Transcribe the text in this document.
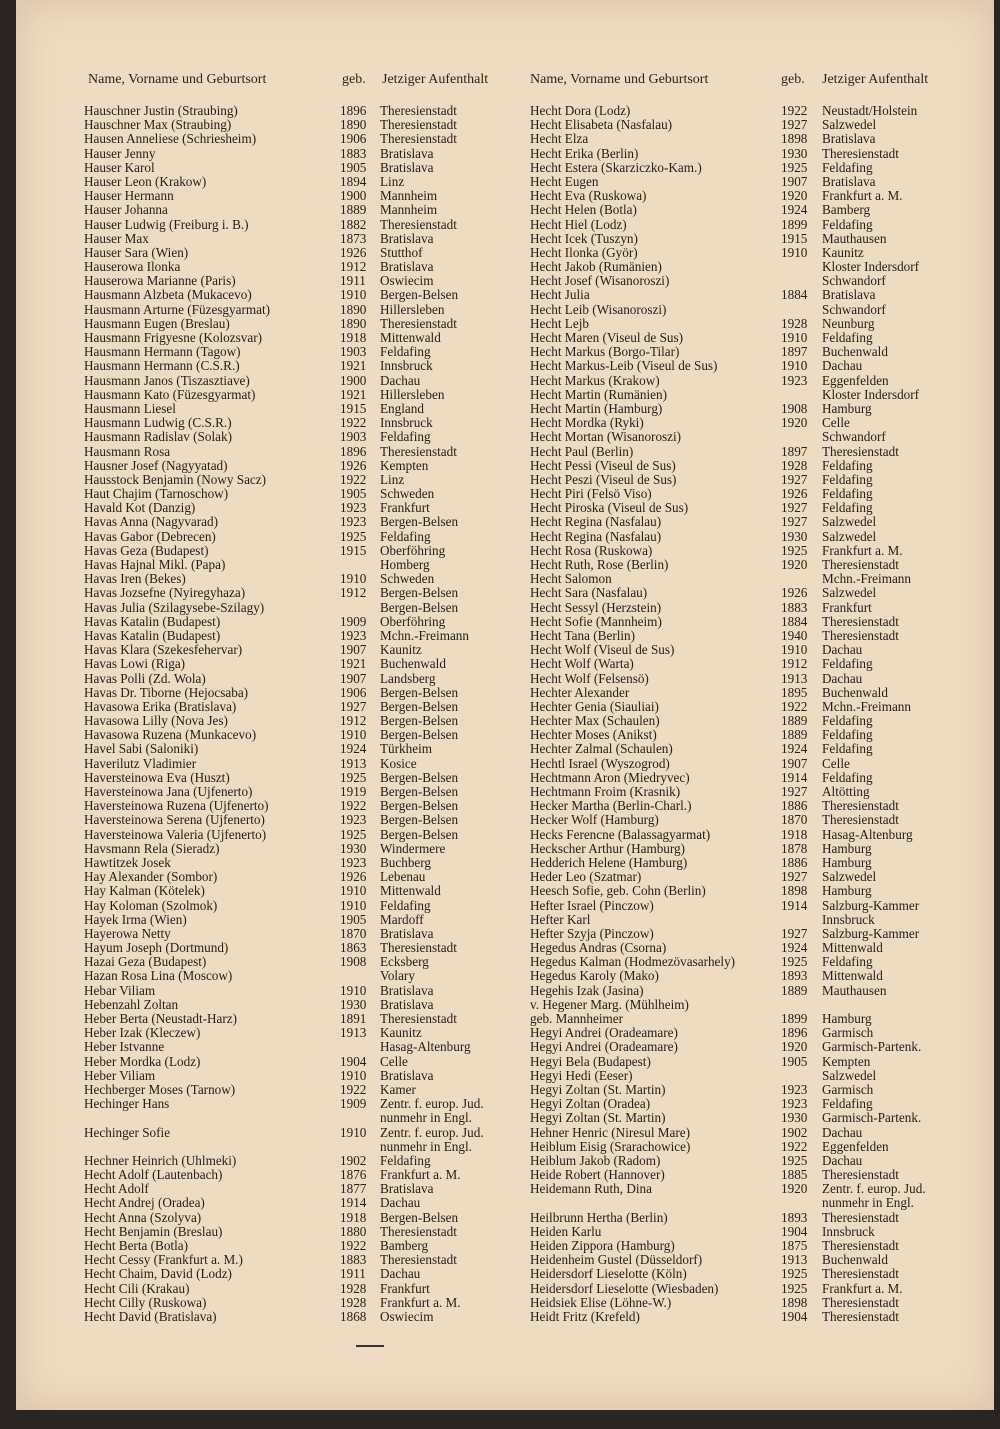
Name, Vorname und Geburtsort	geb. Jetziger Aufenthalt	Name, Vorname und Geburtsort	geb. Jetziger Aufenthalt
Hauschner Justin (Straubing)	1896 Theresienstadt
Hauschner Max (Straubing)	1890 Theresienstadt
Hausen Anneliese (Schriesheim)	1906 Theresienstadt
Hauser Jenny	1883 Bratislava
Hauser Karol	1905 Bratislava
Hauser Leon (Krakow)	1894 Linz
Hauser Hermann	1900 Mannheim
Hauser Johanna	1889 Mannheim
Hauser Ludwig (Freiburg i. B.)	1882 Theresienstadt
Hauser Max	1873 Bratislava
Hauser Sara (Wien)	1926 Stutthof
Hauserowa Ilonka	1912 Bratislava
Hauserowa Marianne (Paris)	1911 Oswiecim
Hausmann Alzbeta (Mukacevo)	1910 Bergen-Belsen
Hausmann Arturne (Füzesgyarmat)	1890 Hillersleben
Hausmann Eugen (Breslau)	1890 Theresienstadt
Hausmann Frigyesne (Kolozsvar)	1918 Mittenwald
Hausmann Hermann (Tagow)	1903 Feldafing
Hausmann Hermann (C.S.R.)	1921 Innsbruck
Hausmann Janos (Tiszasztiave)	1900 Dachau
Hausmann Kato (Füzesgyarmat)	1921 Hillersleben
Hausmann Liesel	1915 England
Hausmann Ludwig (C.S.R.)	1922 Innsbruck
Hausmann Radislav (Solak)	1903 Feldafing
Hausmann Rosa	1896 Theresienstadt
Hausner Josef (Nagyyatad)	1926 Kempten
Hausstock Benjamin (Nowy Sacz)	1922 Linz
Haut Chajim (Tarnoschow)	1905 Schweden
Havald Kot (Danzig)	1923 Frankfurt
Havas Anna (Nagyvarad)	1923 Bergen-Belsen
Havas Gabor (Debrecen)	1925 Feldafing
Havas Geza (Budapest)	1915 Oberföhring
Havas Hajnal Mikl. (Papa)	Homberg
Havas Iren (Bekes)	1910 Schweden
Havas Jozsefne (Nyiregyhaza)	1912 Bergen-Belsen
Havas Julia (Szilagysebe-Szilagy)	Bergen-Belsen
Havas Katalin (Budapest)	1909 Oberföhring
Havas Katalin (Budapest)	1923 Mchn.-Freimann
Havas Klara (Szekesfehervar)	1907 Kaunitz
Havas Lowi (Riga)	1921 Buchenwald
Havas Polli (Zd. Wola)	1907 Landsberg
Havas Dr. Tiborne (Hejocsaba)	1906 Bergen-Belsen
Havasowa Erika (Bratislava)	1927 Bergen-Belsen
Havasowa Lilly (Nova Jes)	1912 Bergen-Belsen
Havasowa Ruzena (Munkacevo)	1910 Bergen-Belsen
Havel Sabi (Saloniki)	1924 Türkheim
Haverilutz Vladimier	1913 Kosice
Haversteinowa Eva (Huszt)	1925 Bergen-Belsen
Haversteinowa Jana (Ujfenerto)	1919 Bergen-Belsen
Haversteinowa Ruzena (Ujfenerto)	1922 Bergen-Belsen
Haversteinowa Serena (Ujfenerto)	1923 Bergen-Belsen
Haversteinowa Valeria (Ujfenerto)	1925 Bergen-Belsen
Havsmann Rela (Sieradz)	1930 Windermere
Hawtitzek Josek	1923 Buchberg
Hay Alexander (Sombor)	1926 Lebenau
Hay Kalman (Kötelek)	1910 Mittenwald
Hay Koloman (Szolmok)	1910 Feldafing
Hayek Irma (Wien)	1905 Mardoff
Hayerowa Netty	1870 Bratislava
Hayum Joseph (Dortmund)	1863 Theresienstadt
Hazai Geza (Budapest)	1908 Ecksberg
Hazan Rosa Lina (Moscow)	Volary
Hebar Viliam	1910 Bratislava
Hebenzahl Zoltan	1930 Bratislava
Heber Berta (Neustadt-Harz)	1891 Theresienstadt
Heber Izak (Kleczew)	1913 Kaunitz
Heber Istvanne	Hasag-Altenburg
Heber Mordka (Lodz)	1904 Celle
Heber Viliam	1910 Bratislava
Hechberger Moses (Tarnow)	1922 Kamer
Hechinger Hans	1909 Zentr. f. europ. Jud.
nunmehr in Engl.
Hechinger Sofie	1910 Zentr. f. europ. Jud.
nunmehr in Engl.
Hechner Heinrich (Uhlmeki)	1902 Feldafing
Hecht Adolf (Lautenbach)	1876 Frankfurt a. M.
Hecht Adolf	1877 Bratislava
Hecht Andrej (Oradea)	1914 Dachau
Hecht Anna (Szolyva)	1918 Bergen-Belsen
Hecht Benjamin (Breslau)	1880 Theresienstadt
Hecht Berta (Botla)	1922 Bamberg
Hecht Cessy (Frankfurt a. M.)	1883 Theresienstadt
Hecht Chaim, David (Lodz)	1911 Dachau
Hecht Cili (Krakau)	1928 Frankfurt
Hecht Cilly (Ruskowa)	1928 Frankfurt a. M.
Hecht David (Bratislava)	1868 Oswiecim
Hecht Dora (Lodz)	1922 Neustadt/Holstein
Hecht Elisabeta (Nasfalau)	1927 Salzwedel
Hecht Elza	1898 Bratislava
Hecht Erika (Berlin)	1930 Theresienstadt
Hecht Estera (Skarziczko-Kam.)	1925 Feldafing
Hecht Eugen	1907 Bratislava
Hecht Eva (Ruskowa)	1920 Frankfurt a. M.
Hecht Helen (Botla)	1924 Bamberg
Hecht Hiel (Lodz)	1899 Feldafing
Hecht Icek (Tuszyn)	1915 Mauthausen
Hecht Ilonka (Györ)	1910 Kaunitz
Hecht Jakob (Rumänien)	Kloster Indersdorf
Hecht Josef (Wisanoroszi)	Schwandorf
Hecht Julia	1884 Bratislava
Hecht Leib (Wisanoroszi)	Schwandorf
Hecht Lejb	1928 Neunburg
Hecht Maren (Viseul de Sus)	1910 Feldafing
Hecht Markus (Borgo-Tilar)	1897 Buchenwald
Hecht Markus-Leib (Viseul de Sus)	1910 Dachau
Hecht Markus (Krakow)	1923 Eggenfelden
Hecht Martin (Rumänien)	Kloster Indersdorf
Hecht Martin (Hamburg)	1908 Hamburg
Hecht Mordka (Ryki)	1920 Celle
Hecht Mortan (Wisanoroszi)	Schwandorf
Hecht Paul (Berlin)	1897 Theresienstadt
Hecht Pessi (Viseul de Sus)	1928 Feldafing
Hecht Peszi (Viseul de Sus)	1927 Feldafing
Hecht Piri (Felsö Viso)	1926 Feldafing
Hecht Piroska (Viseul de Sus)	1927 Feldafing
Hecht Regina (Nasfalau)	1927 Salzwedel
Hecht Regina (Nasfalau)	1930 Salzwedel
Hecht Rosa (Ruskowa)	1925 Frankfurt a. M.
Hecht Ruth, Rose (Berlin)	1920 Theresienstadt
Hecht Salomon	Mchn.-Freimann
Hecht Sara (Nasfalau)	1926 Salzwedel
Hecht Sessyl (Herzstein)	1883 Frankfurt
Hecht Sofie (Mannheim)	1884 Theresienstadt
Hecht Tana (Berlin)	1940 Theresienstadt
Hecht Wolf (Viseul de Sus)	1910 Dachau
Hecht Wolf (Warta)	1912 Feldafing
Hecht Wolf (Felsensö)	1913 Dachau
Hechter Alexander	1895 Buchenwald
Hechter Genia (Siauliai)	1922 Mchn.-Freimann
Hechter Max (Schaulen)	1889 Feldafing
Hechter Moses (Anikst)	1889 Feldafing
Hechter Zalmal (Schaulen)	1924 Feldafing
Hechtl Israel (Wyszogrod)	1907 Celle
Hechtmann Aron (Miedryvec)	1914 Feldafing
Hechtmann Froim (Krasnik)	1927 Altötting
Hecker Martha (Berlin-Charl.)	1886 Theresienstadt
Hecker Wolf (Hamburg)	1870 Theresienstadt
Hecks Ferencne (Balassagyarmat)	1918 Hasag-Altenburg
Heckscher Arthur (Hamburg)	1878 Hamburg
Hedderich Helene (Hamburg)	1886 Hamburg
Heder Leo (Szatmar)	1927 Salzwedel
Heesch Sofie, geb. Cohn (Berlin)	1898 Hamburg
Hefter Israel (Pinczow)	1914 Salzburg-Kammer
Hefter Karl	Innsbruck
Hefter Szyja (Pinczow)	1927 Salzburg-Kammer
Hegedus Andras (Csorna)	1924 Mittenwald
Hegedus Kalman (Hodmezövasarhely)	1925 Feldafing
Hegedus Karoly (Mako)	1893 Mittenwald
Hegehis Izak (Jasina)	1889 Mauthausen
v. Hegener Marg. (Mühlheim)
geb. Mannheimer	1899 Hamburg
Hegyi Andrei (Oradeamare)	1896 Garmisch
Hegyi Andrei (Oradeamare)	1920 Garmisch-Partenk.
Hegyi Bela (Budapest)	1905 Kempten
Hegyi Hedi (Eeser)	Salzwedel
Hegyi Zoltan (St. Martin)	1923 Garmisch
Hegyi Zoltan (Oradea)	1923 Feldafing
Hegyi Zoltan (St. Martin)	1930 Garmisch-Partenk.
Hehner Henric (Niresul Mare)	1902 Dachau
Heiblum Eisig (Srarachowice)	1922 Eggenfelden
Heiblum Jakob (Radom)	1925 Dachau
Heide Robert (Hannover)	1885 Theresienstadt
Heidemann Ruth, Dina	1920 Zentr. f. europ. Jud.
nunmehr in Engl.
Heilbrunn Hertha (Berlin)	1893 Theresienstadt
Heiden Karlu	1904 Innsbruck
Heiden Zippora (Hamburg)	1875 Theresienstadt
Heidenheim Gustel (Düsseldorf)	1913 Buchenwald
Heidersdorf Lieselotte (Köln)	1925 Theresienstadt
Heidersdorf Lieselotte (Wiesbaden)	1925 Frankfurt a. M.
Heidsiek Elise (Löhne-W.)	1898 Theresienstadt
Heidt Fritz (Krefeld)	1904 Theresienstadt
